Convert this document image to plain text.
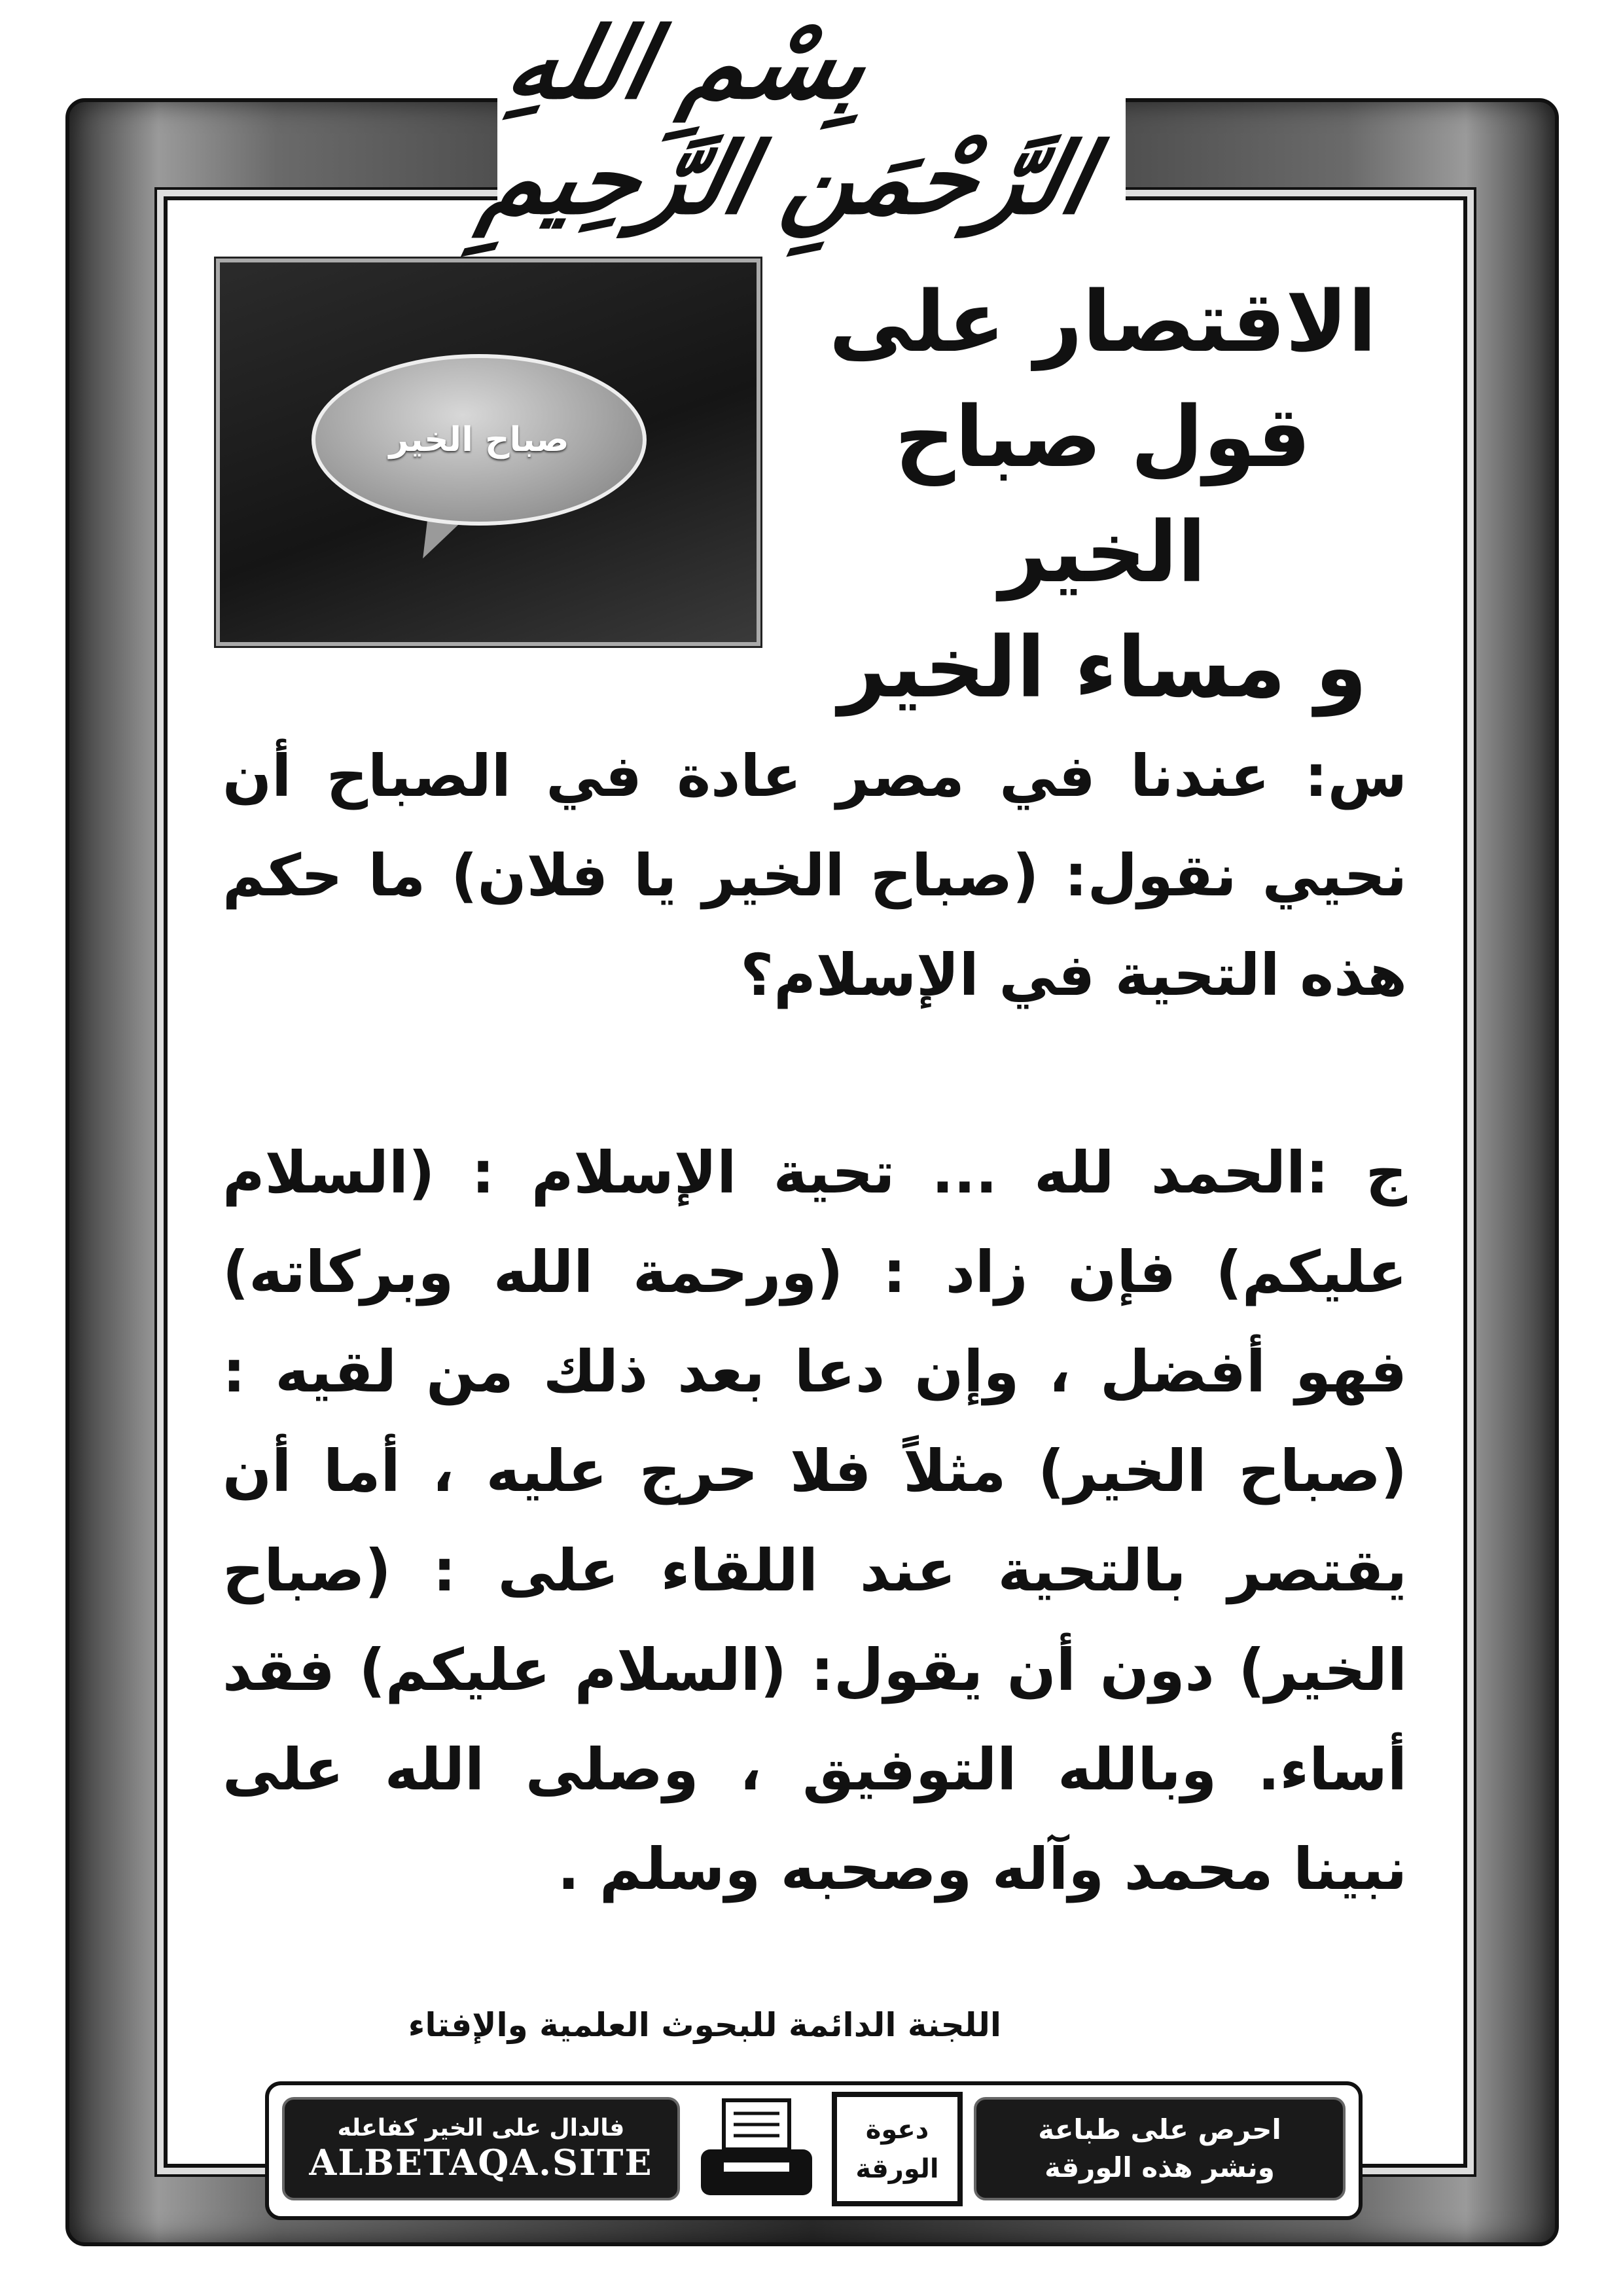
بِسْمِ اللهِ الرَّحْمَنِ الرَّحِيمِ
صباح الخير
الاقتصار على
قول صباح الخير
و مساء الخير

س: عندنا في مصر عادة في الصباح أن نحيي نقول: (صباح الخير يا فلان) ما حكم هذه التحية في الإسلام؟

ج :الحمد لله ... تحية الإسلام : (السلام عليكم) فإن زاد : (ورحمة الله وبركاته) فهو أفضل ، وإن دعا بعد ذلك من لقيه : (صباح الخير) مثلاً فلا حرج عليه ، أما أن يقتصر بالتحية عند اللقاء على : (صباح الخير) دون أن يقول: (السلام عليكم) فقد أساء. وبالله التوفيق ، وصلى الله على نبينا محمد وآله وصحبه وسلم .

اللجنة الدائمة للبحوث العلمية والإفتاء
فالدال على الخير كفاعله
ALBETAQA.SITE
دعوة
الورقة
احرص على طباعة
ونشر هذه الورقة
